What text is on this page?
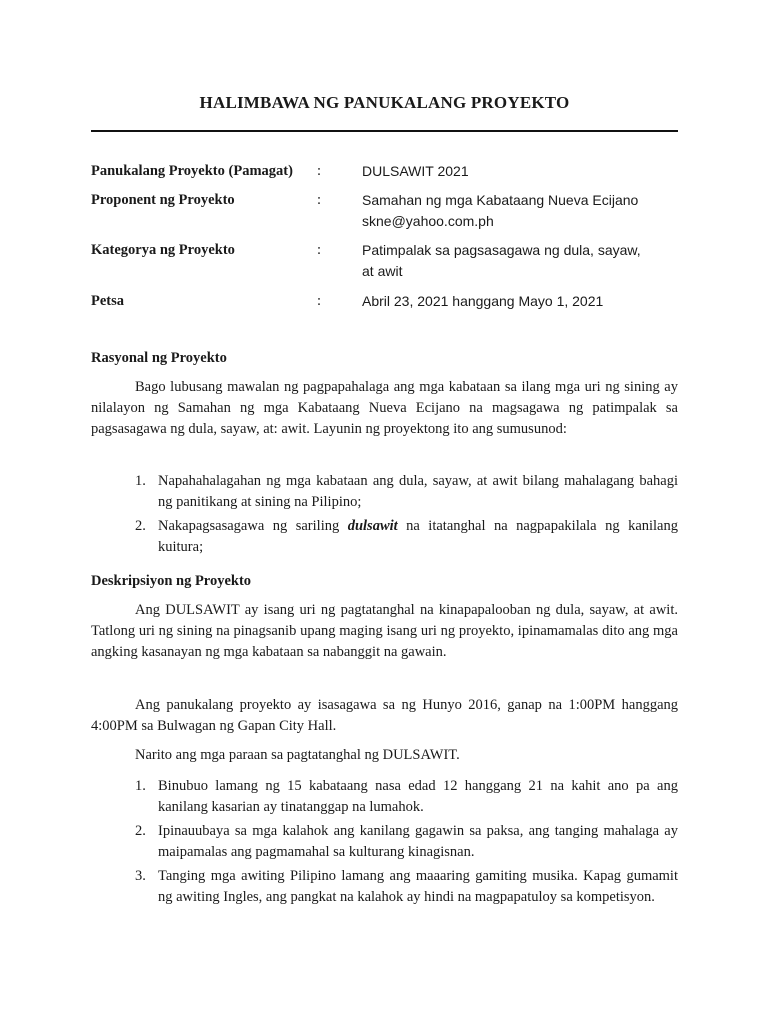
HALIMBAWA NG PANUKALANG PROYEKTO
Panukalang Proyekto (Pamagat) :	DULSAWIT 2021
Proponent ng Proyekto	:	Samahan ng mga Kabataang Nueva Ecijano
skne@yahoo.com.ph
Kategorya ng Proyekto	:	Patimpalak sa pagsasagawa ng dula, sayaw,
at awit
Petsa	:	Abril 23, 2021 hanggang Mayo 1, 2021
Rasyonal ng Proyekto
Bago lubusang mawalan ng pagpapahalaga ang mga kabataan sa ilang mga uri ng sining ay nilalayon ng Samahan ng mga Kabataang Nueva Ecijano na magsagawa ng patimpalak sa pagsasagawa ng dula, sayaw, at: awit. Layunin ng proyektong ito ang sumusunod:
1. Napahahalagahan ng mga kabataan ang dula, sayaw, at awit bilang mahalagang bahagi ng panitikang at sining na Pilipino;
2. Nakapagsasagawa ng sariling dulsawit na itatanghal na nagpapakilala ng kanilang kuitura;
Deskripsiyon ng Proyekto
Ang DULSAWIT ay isang uri ng pagtatanghal na kinapapalooban ng dula, sayaw, at awit. Tatlong uri ng sining na pinagsanib upang maging isang uri ng proyekto, ipinamamalas dito ang mga angking kasanayan ng mga kabataan sa nabanggit na gawain.
Ang panukalang proyekto ay isasagawa sa ng Hunyo 2016, ganap na 1:00PM hanggang 4:00PM sa Bulwagan ng Gapan City Hall.
Narito ang mga paraan sa pagtatanghal ng DULSAWIT.
1. Binubuo lamang ng 15 kabataang nasa edad 12 hanggang 21 na kahit ano pa ang kanilang kasarian ay tinatanggap na lumahok.
2. Ipinauubaya sa mga kalahok ang kanilang gagawin sa paksa, ang tanging mahalaga ay maipamalas ang pagmamahal sa kulturang kinagisnan.
3. Tanging mga awiting Pilipino lamang ang maaaring gamiting musika. Kapag gumamit ng awiting Ingles, ang pangkat na kalahok ay hindi na magpapatuloy sa kompetisyon.
